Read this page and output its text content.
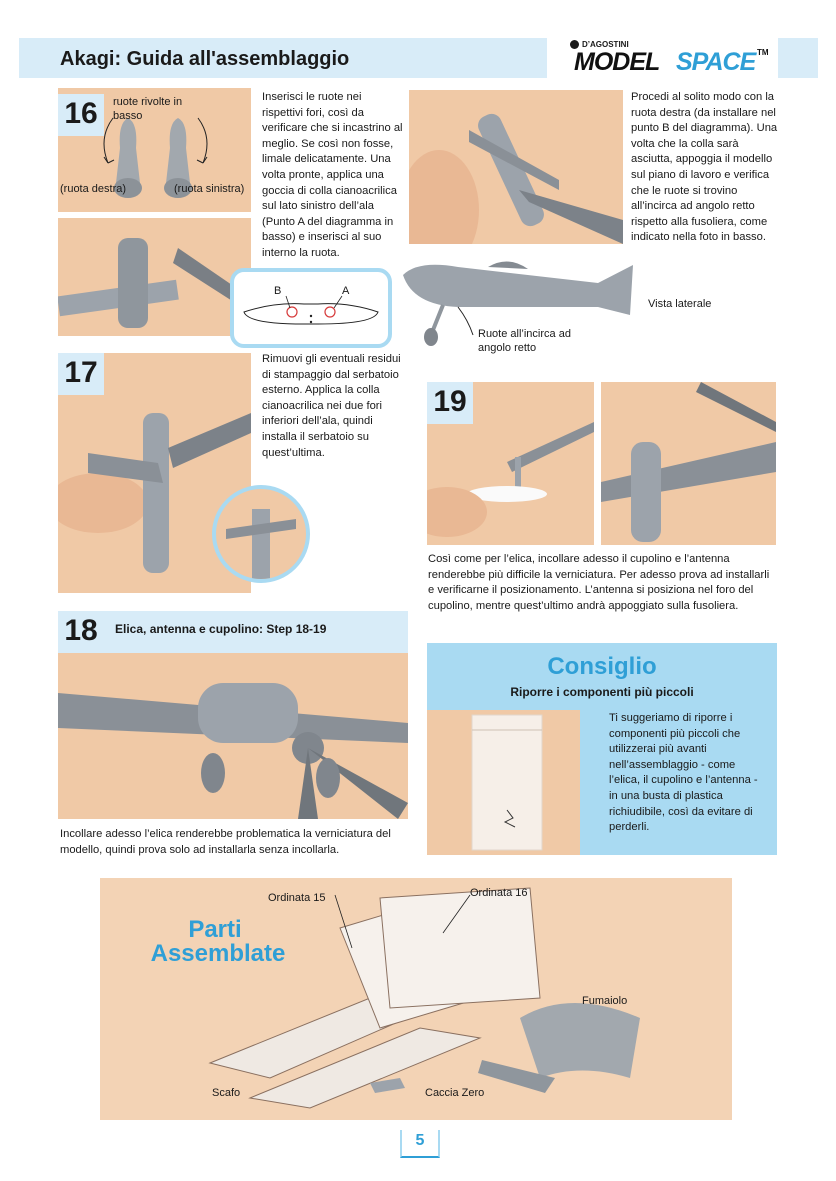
Akagi: Guida all'assemblaggio
D’AGOSTINI
MODEL SPACE TM
16	ruote rivolte in basso
(ruota destra)	(ruota sinistra)
B	A
Inserisci le ruote nei rispettivi fori, così da verificare che si incastrino al meglio. Se così non fosse, limale delicatamente. Una volta pronte, applica una goccia di colla cianoacrilica sul lato sinistro dell’ala (Punto A del diagramma in basso) e inserisci al suo interno la ruota.
Procedi al solito modo con la ruota destra (da installare nel punto B del diagramma). Una volta che la colla sarà asciutta, appoggia il modello sul piano di lavoro e verifica che le ruote si trovino all’incirca ad angolo retto rispetto alla fusoliera, come indicato nella foto in basso.
Vista laterale
Ruote all’incirca ad angolo retto
17	Rimuovi gli eventuali residui di stampaggio dal serbatoio esterno. Applica la colla cianoacrilica nei due fori inferiori dell’ala, quindi installa il serbatoio su quest’ultima.
19
Così come per l’elica, incollare adesso il cupolino e l’antenna renderebbe più difficile la verniciatura. Per adesso prova ad installarli e verificarne il posizionamento. L’antenna si posiziona nel foro del cupolino, mentre quest’ultimo andrà appoggiato sulla fusoliera.
18	Elica, antenna e cupolino: Step 18-19
Incollare adesso l’elica renderebbe problematica la verniciatura del modello, quindi prova solo ad installarla senza incollarla.
Consiglio
Riporre i componenti più piccoli
Ti suggeriamo di riporre i componenti più piccoli che utilizzerai più avanti nell’assemblaggio - come l’elica, il cupolino e l’antenna - in una busta di plastica richiudibile, così da evitare di perderli.
Parti
Assemblate
Ordinata 15	Ordinata 16
Fumaiolo
Scafo	Caccia Zero
5
